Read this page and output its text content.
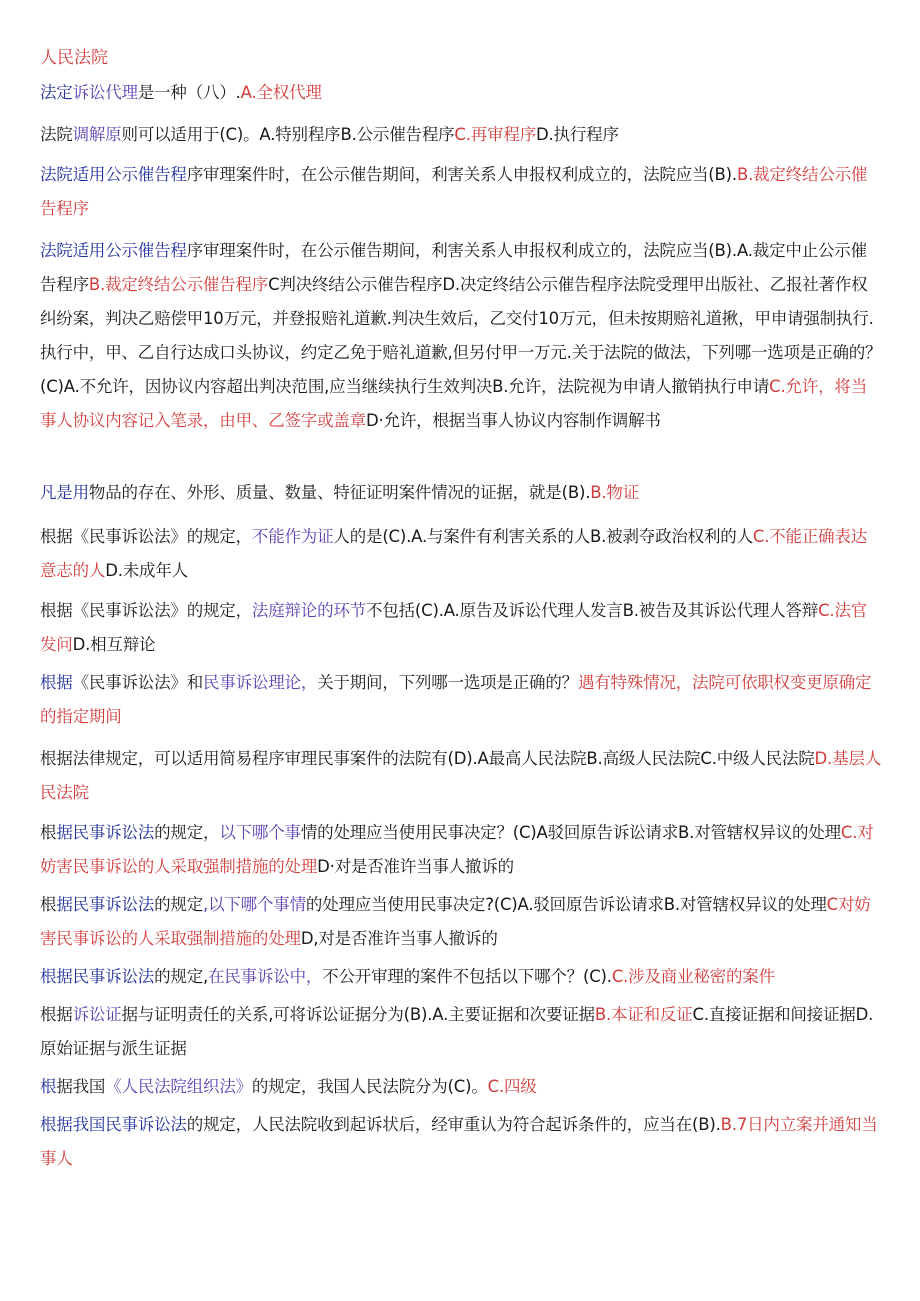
人民法院
法定诉讼代理是一种（八）.A.全权代理
法院调解原则可以适用于(C)。A.特别程序B.公示催告程序C.再审程序D.执行程序
法院适用公示催告程序审理案件时，在公示催告期间，利害关系人申报权利成立的，法院应当(B).B.裁定终结公示催告程序
法院适用公示催告程序审理案件时，在公示催告期间，利害关系人申报权利成立的，法院应当(B).A.裁定中止公示催告程序B.裁定终结公示催告程序C判决终结公示催告程序D.决定终结公示催告程序法院受理甲出版社、乙报社著作权纠纷案，判决乙赔偿甲10万元，并登报赔礼道歉.判决生效后，乙交付10万元，但未按期赔礼道揪，甲申请强制执行.执行中，甲、乙自行达成口头协议，约定乙免于赔礼道歉,但另付甲一万元.关于法院的做法，下列哪一选项是正确的？(C)A.不允许，因协议内容超出判决范围,应当继续执行生效判决B.允许，法院视为申请人撤销执行申请C.允许，将当事人协议内容记入笔录，由甲、乙签字或盖章D·允许，根据当事人协议内容制作调解书
凡是用物品的存在、外形、质量、数量、特征证明案件情况的证据，就是(B).B.物证
根据《民事诉讼法》的规定，不能作为证人的是(C).A.与案件有利害关系的人B.被剥夺政治权利的人C.不能正确表达意志的人D.未成年人
根据《民事诉讼法》的规定，法庭辩论的环节不包括(C).A.原告及诉讼代理人发言B.被告及其诉讼代理人答辩C.法官发问D.相互辩论
根据《民事诉讼法》和民事诉讼理论，关于期间，下列哪一选项是正确的？遇有特殊情况，法院可依职权变更原确定的指定期间
根据法律规定，可以适用简易程序审理民事案件的法院有(D).A最高人民法院B.高级人民法院C.中级人民法院D.基层人民法院
根据民事诉讼法的规定，以下哪个事情的处理应当使用民事决定？(C)A驳回原告诉讼请求B.对管辖权异议的处理C.对妨害民事诉讼的人采取强制措施的处理D·对是否准许当事人撤诉的
根据民事诉讼法的规定,以下哪个事情的处理应当使用民事决定?(C)A.驳回原告诉讼请求B.对管辖权异议的处理C对妨害民事诉讼的人采取强制措施的处理D,对是否准许当事人撤诉的
根据民事诉讼法的规定,在民事诉讼中，不公开审理的案件不包括以下哪个？(C).C.涉及商业秘密的案件
根据诉讼证据与证明责任的关系,可将诉讼证据分为(B).A.主要证据和次要证据B.本证和反证C.直接证据和间接证据D.原始证据与派生证据
根据我国《人民法院组织法》的规定，我国人民法院分为(C)。C.四级
根据我国民事诉讼法的规定，人民法院收到起诉状后，经审重认为符合起诉条件的，应当在(B).B.7日内立案并通知当事人
